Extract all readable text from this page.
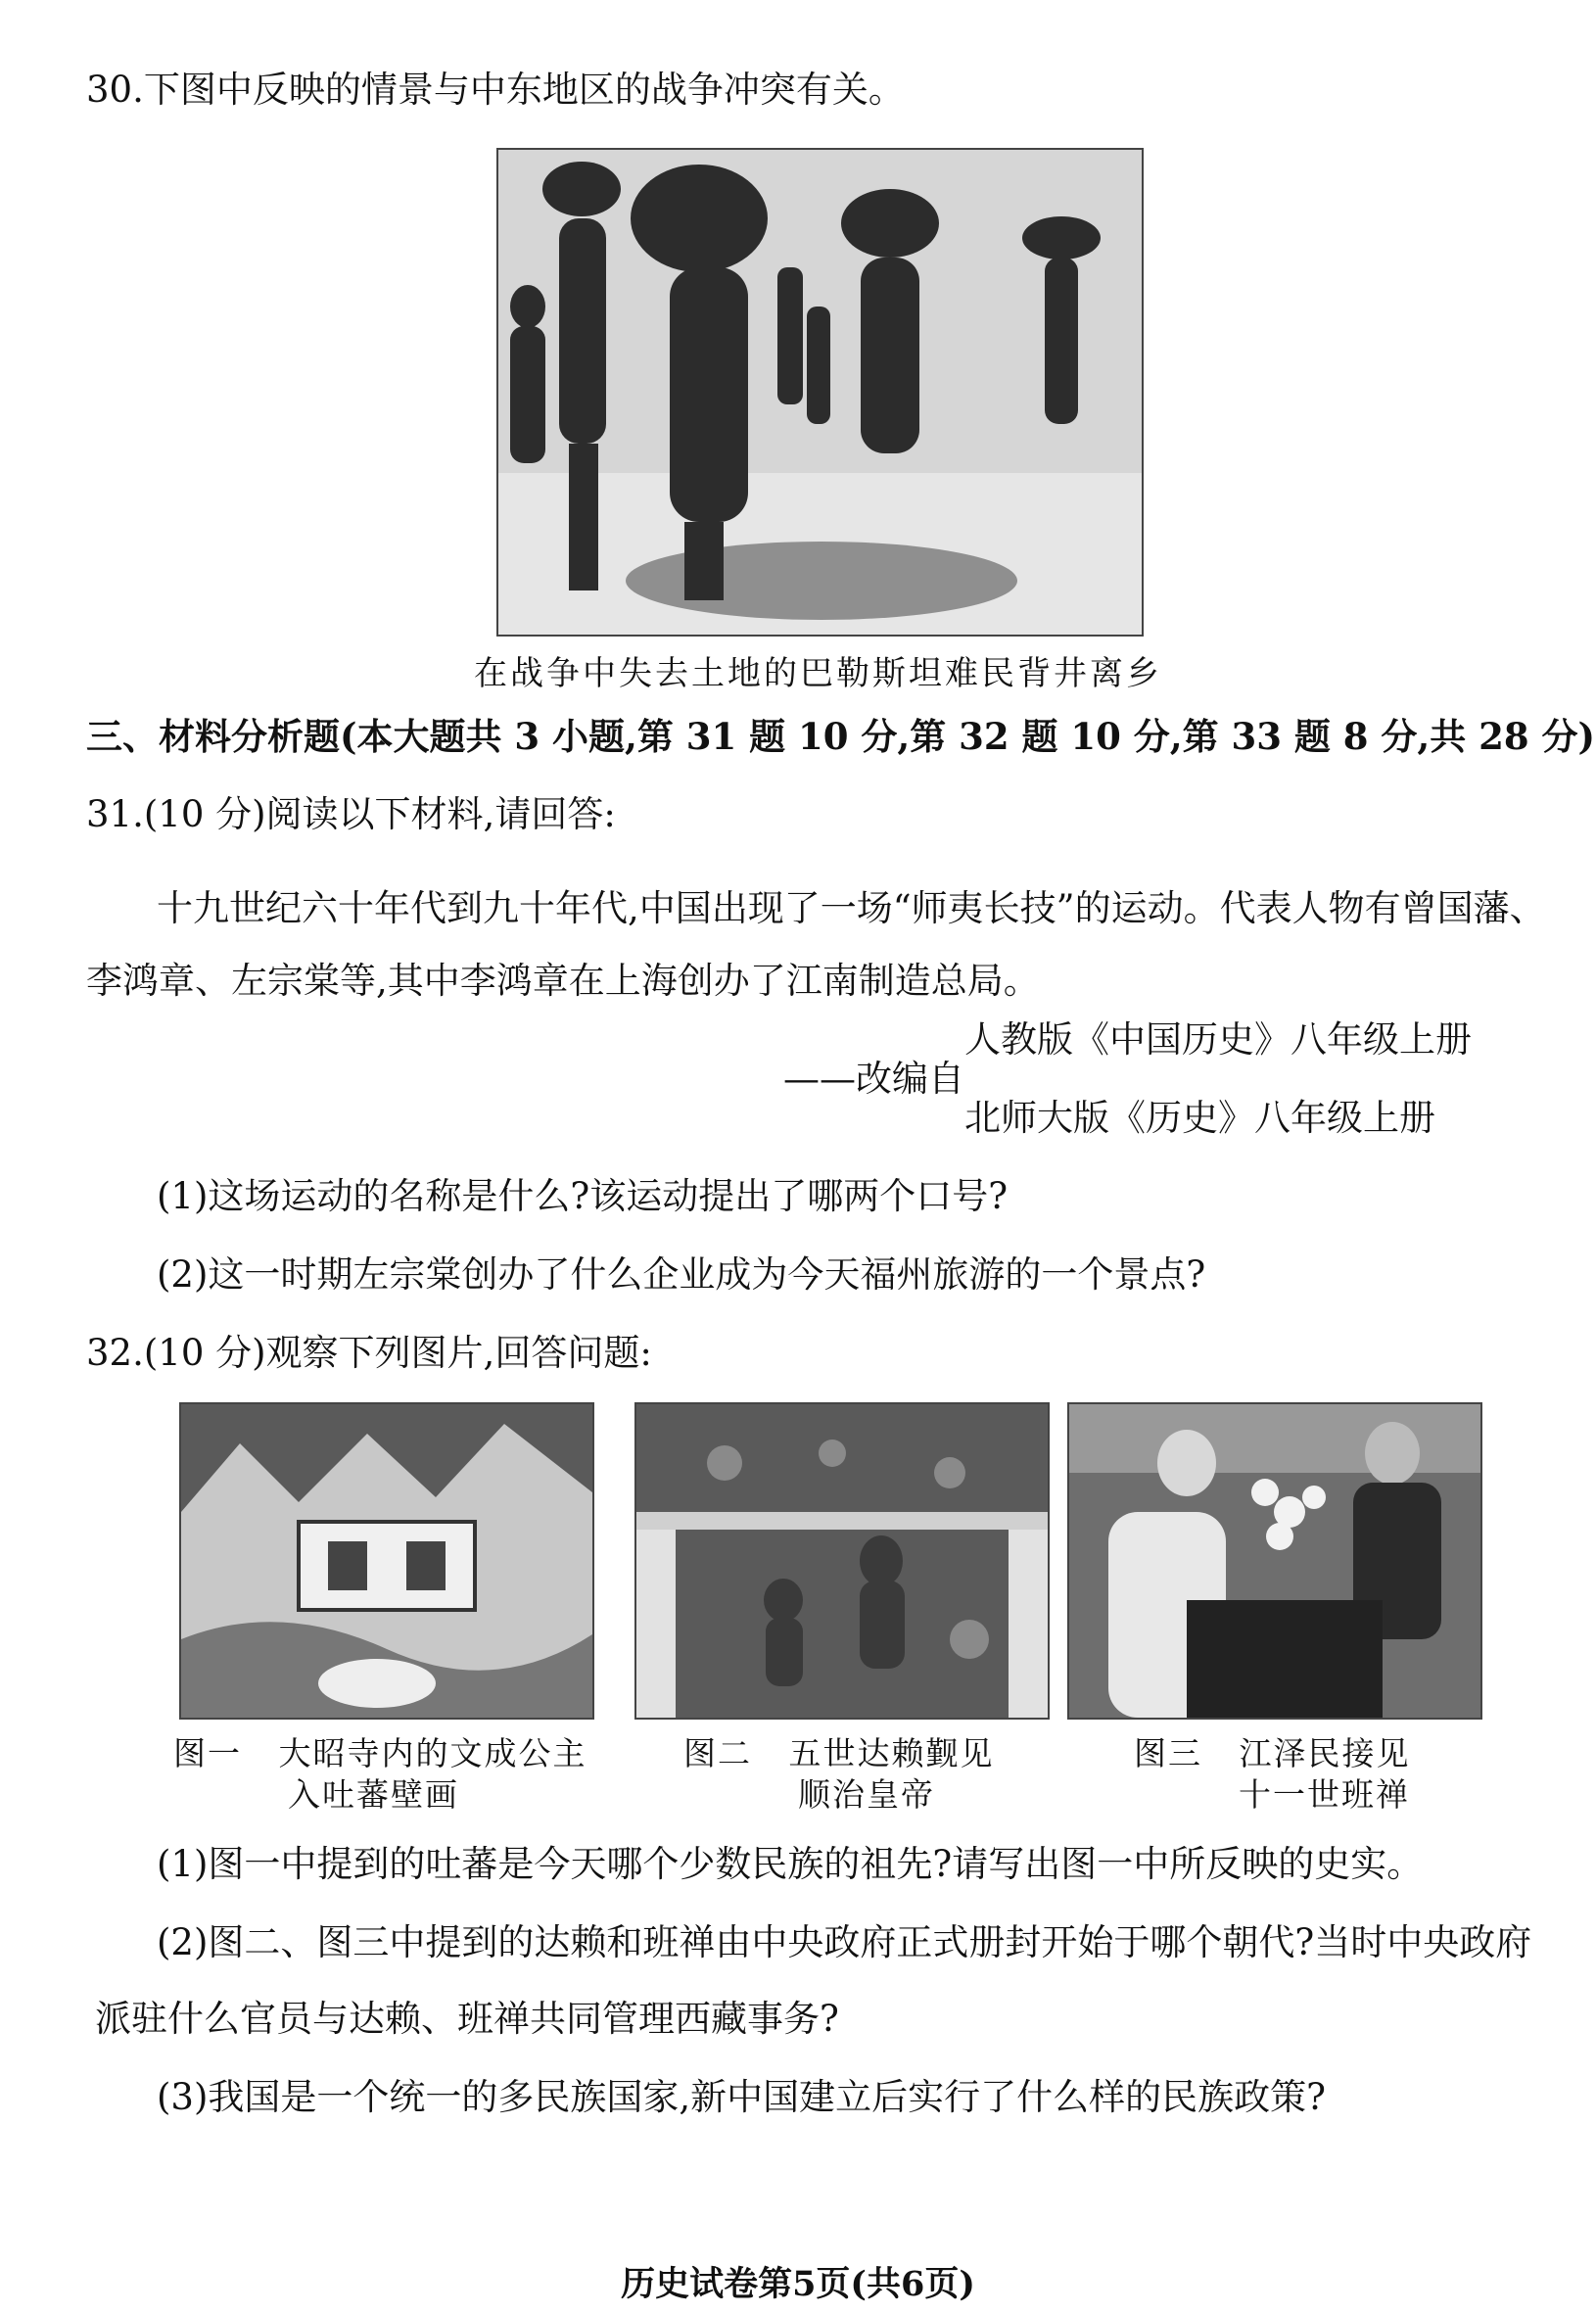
30.下图中反映的情景与中东地区的战争冲突有关。
在战争中失去土地的巴勒斯坦难民背井离乡
三、材料分析题(本大题共 3 小题,第 31 题 10 分,第 32 题 10 分,第 33 题 8 分,共 28 分)
31.(10 分)阅读以下材料,请回答:
十九世纪六十年代到九十年代,中国出现了一场“师夷长技”的运动。代表人物有曾国藩、
李鸿章、左宗棠等,其中李鸿章在上海创办了江南制造总局。
人教版《中国历史》八年级上册
——改编自
北师大版《历史》八年级上册
(1)这场运动的名称是什么?该运动提出了哪两个口号?
(2)这一时期左宗棠创办了什么企业成为今天福州旅游的一个景点?
32.(10 分)观察下列图片,回答问题:
图一 大昭寺内的文成公主
入吐蕃壁画
图二 五世达赖觐见
顺治皇帝
图三 江泽民接见
十一世班禅
(1)图一中提到的吐蕃是今天哪个少数民族的祖先?请写出图一中所反映的史实。
(2)图二、图三中提到的达赖和班禅由中央政府正式册封开始于哪个朝代?当时中央政府
派驻什么官员与达赖、班禅共同管理西藏事务?
(3)我国是一个统一的多民族国家,新中国建立后实行了什么样的民族政策?
历史试卷第5页(共6页)
